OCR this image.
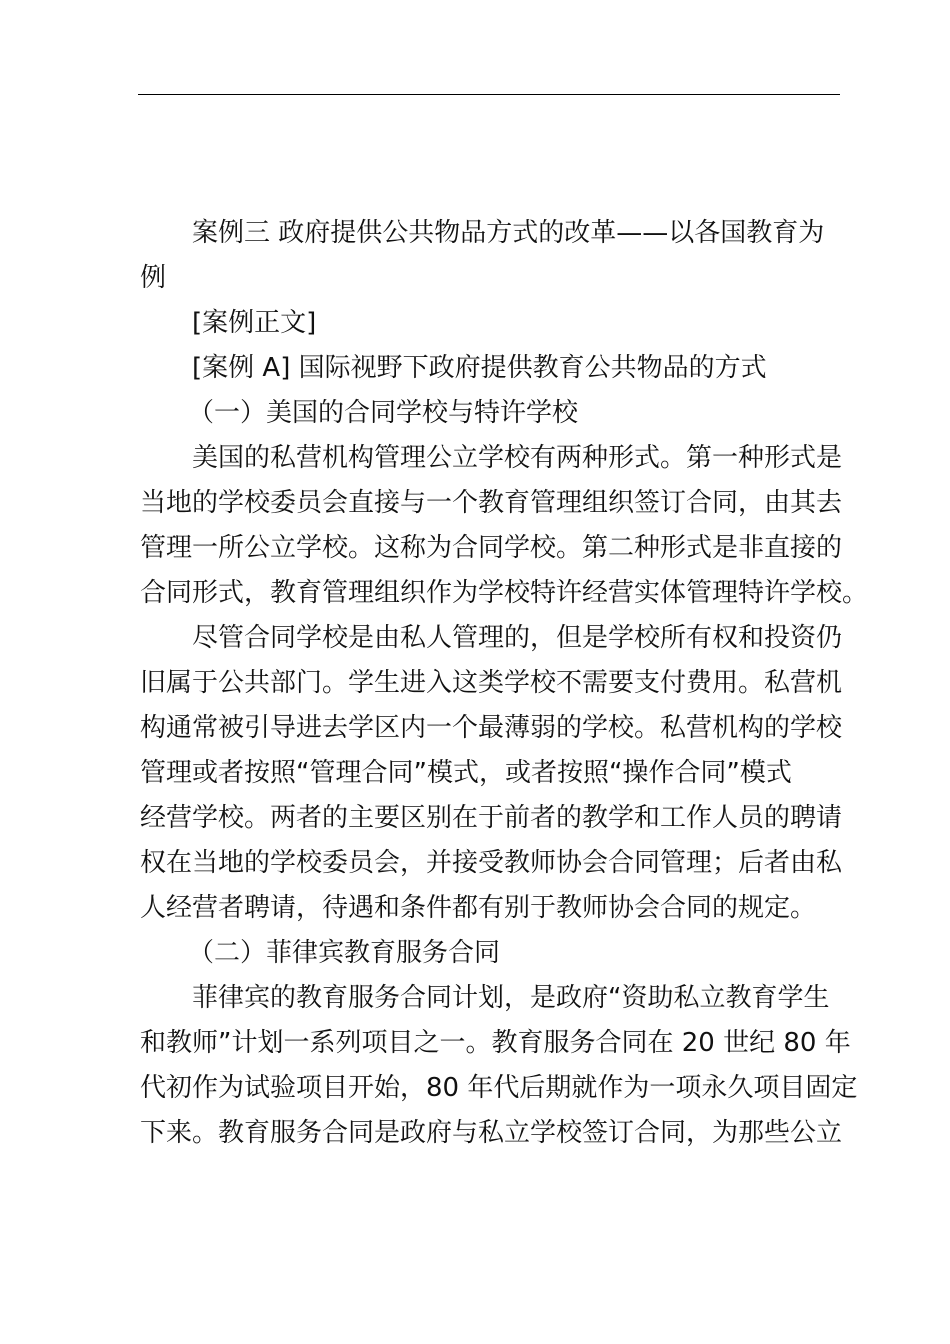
案例三 政府提供公共物品方式的改革——以各国教育为
例
[案例正文]
[案例 A] 国际视野下政府提供教育公共物品的方式
（一）美国的合同学校与特许学校
美国的私营机构管理公立学校有两种形式。第一种形式是
当地的学校委员会直接与一个教育管理组织签订合同，由其去
管理一所公立学校。这称为合同学校。第二种形式是非直接的
合同形式，教育管理组织作为学校特许经营实体管理特许学校。
尽管合同学校是由私人管理的，但是学校所有权和投资仍
旧属于公共部门。学生进入这类学校不需要支付费用。私营机
构通常被引导进去学区内一个最薄弱的学校。私营机构的学校
管理或者按照“管理合同”模式，或者按照“操作合同”模式
经营学校。两者的主要区别在于前者的教学和工作人员的聘请
权在当地的学校委员会，并接受教师协会合同管理；后者由私
人经营者聘请，待遇和条件都有别于教师协会合同的规定。
（二）菲律宾教育服务合同
菲律宾的教育服务合同计划，是政府“资助私立教育学生
和教师”计划一系列项目之一。教育服务合同在 20 世纪 80 年
代初作为试验项目开始，80 年代后期就作为一项永久项目固定
下来。教育服务合同是政府与私立学校签订合同，为那些公立
